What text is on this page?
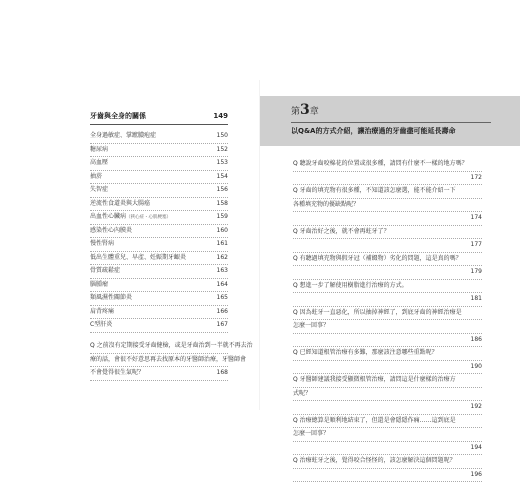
牙齒與全身的關係	149
全身過敏症、掌蹠膿疱症	150
糖尿病	152
高血壓	153
抽菸	154
失智症	156
逆流性食道炎與大腸癌	158
出血性心臟病（狹心症・心肌梗塞）	159
感染性心內膜炎	160
慢性腎病	161
低出生體重兒、早產、妊娠期牙齦炎	162
骨質疏鬆症	163
腦腫瘤	164
類風濕性關節炎	165
肩背疼痛	166
C型肝炎	167
Q 之前沒有定期接受牙齒健檢，或是牙齒治到一半就不再去治
療的話，會很不好意思再去找原本的牙醫師治療，牙醫師會
不會覺得很生氣呢？	168
第3章
以Q&A的方式介紹，讓治療過的牙齒盡可能延長壽命
Q 聽說牙齒咬棉花的位置或很多種，請問有什麼不一樣的地方嗎？
172
Q 牙齒的填充物有很多種，不知道該怎麼選，能不能介紹一下
各種填充物的優缺點呢？
174
Q 牙齒治好之後，就不會再蛀牙了？
177
Q 有聽過填充物與假牙冠（補綴物）劣化的問題，這是真的嗎？
179
Q 想進一步了解使用樹脂進行治療的方式。
181
Q 因為蛀牙一直惡化，所以抽掉神經了，到底牙齒的神經治療是
怎麼一回事？
186
Q 已經知道根管治療有多難，那麼該注意哪些重點呢？
190
Q 牙醫師建議我接受顯微根管治療，請問這是什麼樣的治療方
式呢？
192
Q 治療總算是順利地結束了，但還是會隱隱作痛……這到底是
怎麼一回事？
194
Q 治療蛀牙之後，覺得咬合怪怪的，該怎麼解決這個問題呢？
196
